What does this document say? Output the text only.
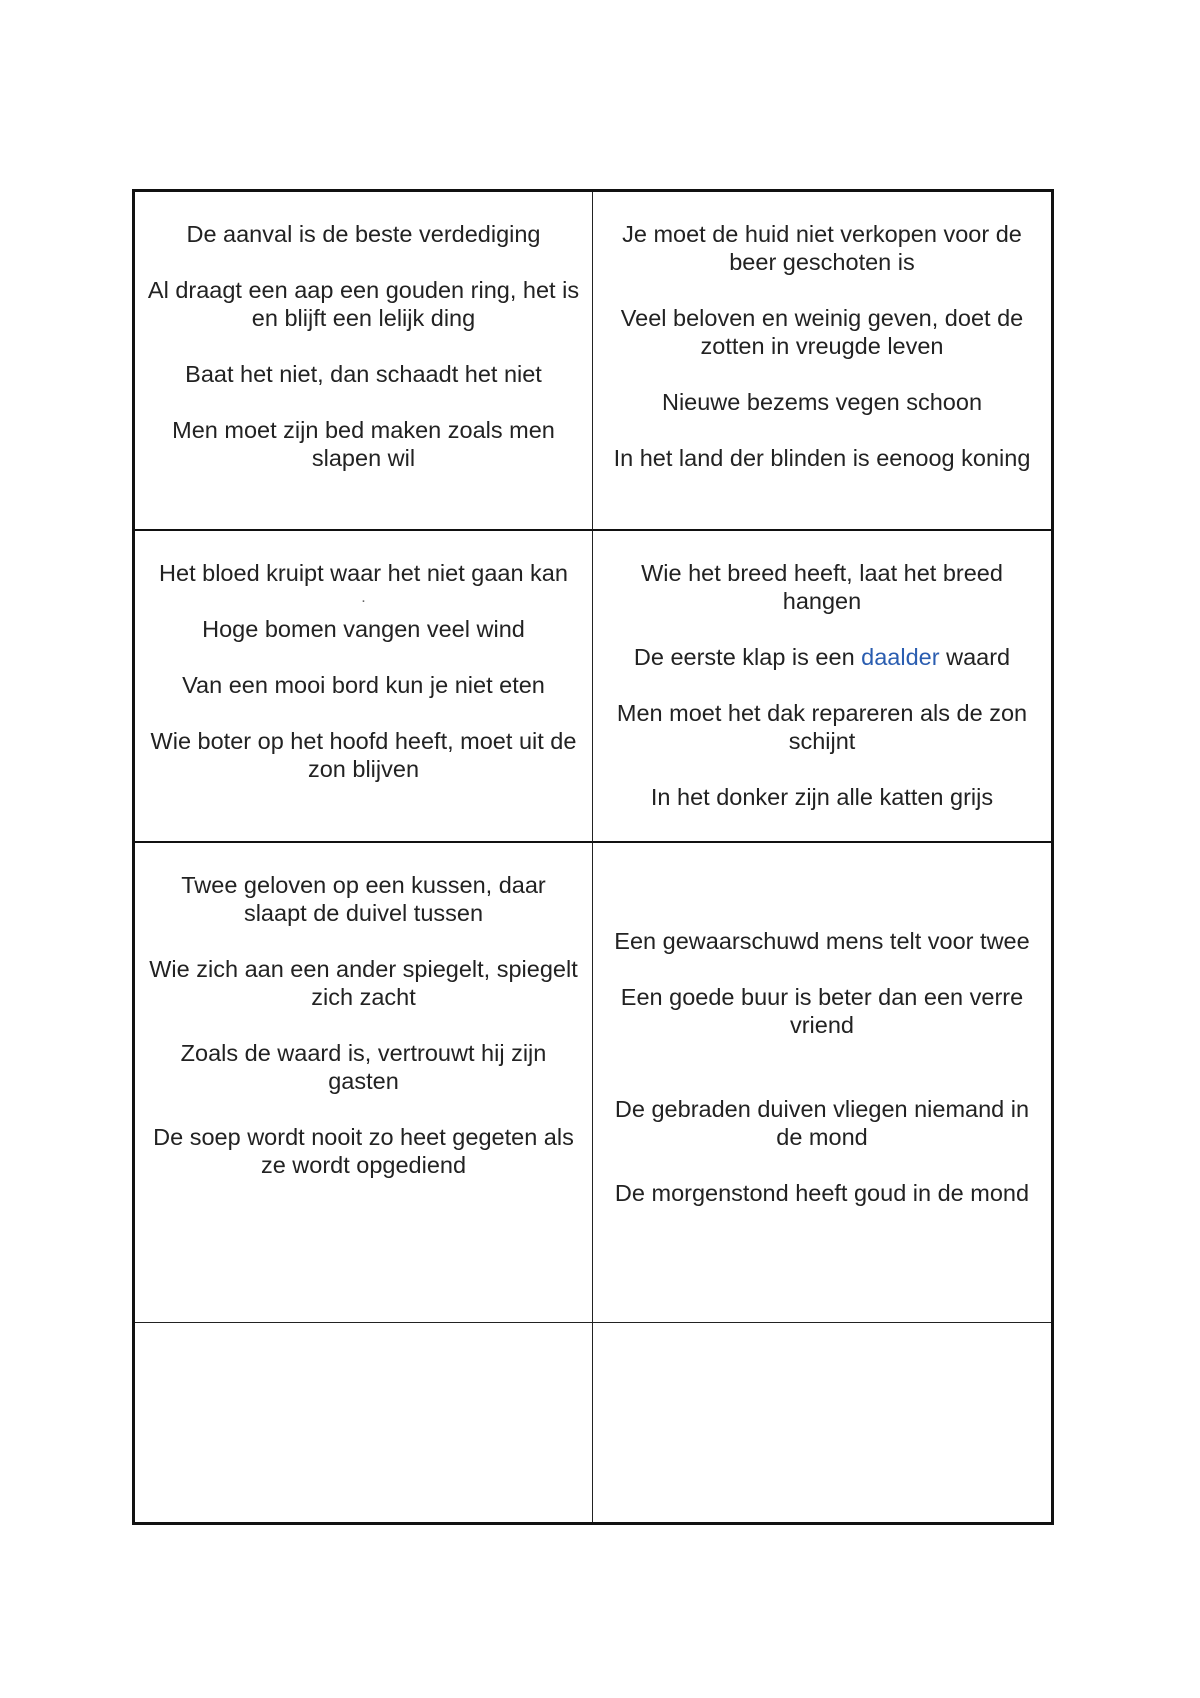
De aanval is de beste verdediging

Al draagt een aap een gouden ring, het is en blijft een lelijk ding

Baat het niet, dan schaadt het niet

Men moet zijn bed maken zoals men slapen wil

Je moet de huid niet verkopen voor de beer geschoten is

Veel beloven en weinig geven, doet de zotten in vreugde leven

Nieuwe bezems vegen schoon

In het land der blinden is eenoog koning

Het bloed kruipt waar het niet gaan kan

.

Hoge bomen vangen veel wind

Van een mooi bord kun je niet eten

Wie boter op het hoofd heeft, moet uit de zon blijven

Wie het breed heeft, laat het breed hangen

De eerste klap is een daalder waard

Men moet het dak repareren als de zon schijnt

In het donker zijn alle katten grijs

Twee geloven op een kussen, daar slaapt de duivel tussen

Wie zich aan een ander spiegelt, spiegelt zich zacht

Zoals de waard is, vertrouwt hij zijn gasten

De soep wordt nooit zo heet gegeten als ze wordt opgediend

Een gewaarschuwd mens telt voor twee

Een goede buur is beter dan een verre vriend

De gebraden duiven vliegen niemand in de mond

De morgenstond heeft goud in de mond
